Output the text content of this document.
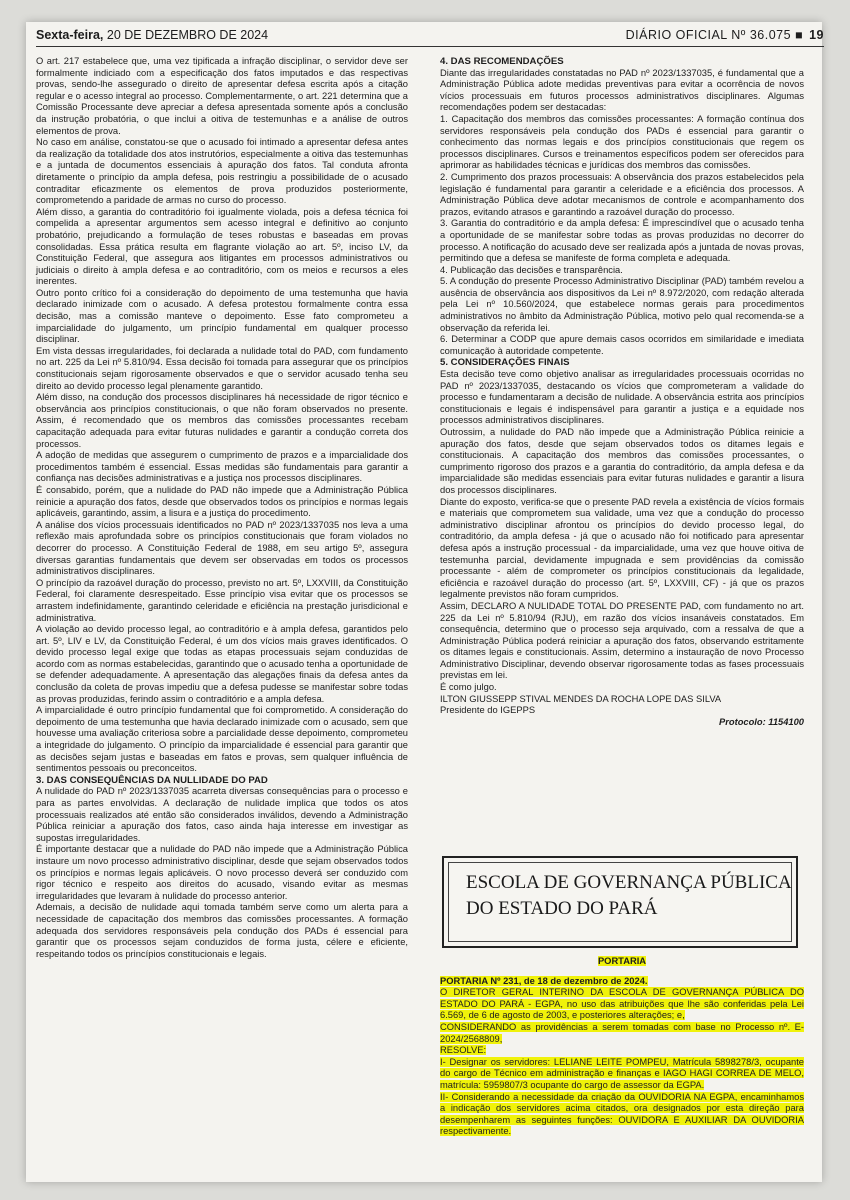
Sexta-feira, 20 DE DEZEMBRO DE 2024	DIÁRIO OFICIAL Nº 36.075 ■ 19

O art. 217 estabelece que, uma vez tipificada a infração disciplinar, o servidor deve ser formalmente indiciado com a especificação dos fatos imputados e das respectivas provas, sendo-lhe assegurado o direito de apresentar defesa escrita após a citação regular e o acesso integral ao processo. Complementarmente, o art. 221 determina que a Comissão Processante deve apreciar a defesa apresentada somente após a conclusão da instrução probatória, o que inclui a oitiva de testemunhas e a análise de outros elementos de prova.

No caso em análise, constatou-se que o acusado foi intimado a apresentar defesa antes da realização da totalidade dos atos instrutórios, especialmente a oitiva das testemunhas e a juntada de documentos essenciais à apuração dos fatos. Tal conduta afronta diretamente o princípio da ampla defesa, pois restringiu a possibilidade de o acusado contraditar eficazmente os elementos de prova produzidos posteriormente, comprometendo a paridade de armas no curso do processo.

Além disso, a garantia do contraditório foi igualmente violada, pois a defesa técnica foi compelida a apresentar argumentos sem acesso integral e definitivo ao conjunto probatório, prejudicando a formulação de teses robustas e baseadas em provas consolidadas. Essa prática resulta em flagrante violação ao art. 5º, inciso LV, da Constituição Federal, que assegura aos litigantes em processos administrativos ou judiciais o direito à ampla defesa e ao contraditório, com os meios e recursos a eles inerentes.

Outro ponto crítico foi a consideração do depoimento de uma testemunha que havia declarado inimizade com o acusado. A defesa protestou formalmente contra essa decisão, mas a comissão manteve o depoimento. Esse fato comprometeu a imparcialidade do julgamento, um princípio fundamental em qualquer processo disciplinar.

Em vista dessas irregularidades, foi declarada a nulidade total do PAD, com fundamento no art. 225 da Lei nº 5.810/94. Essa decisão foi tomada para assegurar que os princípios constitucionais sejam rigorosamente observados e que o servidor acusado tenha seu direito ao devido processo legal plenamente garantido.

Além disso, na condução dos processos disciplinares há necessidade de rigor técnico e observância aos princípios constitucionais, o que não foram observados no presente. Assim, é recomendado que os membros das comissões processantes recebam capacitação adequada para evitar futuras nulidades e garantir a condução correta dos processos.

A adoção de medidas que assegurem o cumprimento de prazos e a imparcialidade dos procedimentos também é essencial. Essas medidas são fundamentais para garantir a confiança nas decisões administrativas e a justiça nos processos disciplinares.

É consabido, porém, que a nulidade do PAD não impede que a Administração Pública reinicie a apuração dos fatos, desde que observados todos os princípios e normas legais aplicáveis, garantindo, assim, a lisura e a justiça do procedimento.

A análise dos vícios processuais identificados no PAD nº 2023/1337035 nos leva a uma reflexão mais aprofundada sobre os princípios constitucionais que foram violados no decorrer do processo. A Constituição Federal de 1988, em seu artigo 5º, assegura diversas garantias fundamentais que devem ser observadas em todos os processos administrativos disciplinares.

O princípio da razoável duração do processo, previsto no art. 5º, LXXVIII, da Constituição Federal, foi claramente desrespeitado. Esse princípio visa evitar que os processos se arrastem indefinidamente, garantindo celeridade e eficiência na prestação jurisdicional e administrativa.

A violação ao devido processo legal, ao contraditório e à ampla defesa, garantidos pelo art. 5º, LIV e LV, da Constituição Federal, é um dos vícios mais graves identificados. O devido processo legal exige que todas as etapas processuais sejam conduzidas de acordo com as normas estabelecidas, garantindo que o acusado tenha a oportunidade de se defender adequadamente. A apresentação das alegações finais da defesa antes da conclusão da coleta de provas impediu que a defesa pudesse se manifestar sobre todas as provas produzidas, ferindo assim o contraditório e a ampla defesa.

A imparcialidade é outro princípio fundamental que foi comprometido. A consideração do depoimento de uma testemunha que havia declarado inimizade com o acusado, sem que houvesse uma avaliação criteriosa sobre a parcialidade desse depoimento, comprometeu a integridade do julgamento. O princípio da imparcialidade é essencial para garantir que as decisões sejam justas e baseadas em fatos e provas, sem qualquer influência de sentimentos pessoais ou preconceitos.

3. DAS CONSEQUÊNCIAS DA NULLIDADE DO PAD

A nulidade do PAD nº 2023/1337035 acarreta diversas consequências para o processo e para as partes envolvidas. A declaração de nulidade implica que todos os atos processuais realizados até então são considerados inválidos, devendo a Administração Pública reiniciar a apuração dos fatos, caso ainda haja interesse em investigar as supostas irregularidades.

É importante destacar que a nulidade do PAD não impede que a Administração Pública instaure um novo processo administrativo disciplinar, desde que sejam observados todos os princípios e normas legais aplicáveis. O novo processo deverá ser conduzido com rigor técnico e respeito aos direitos do acusado, visando evitar as mesmas irregularidades que levaram à nulidade do processo anterior.

Ademais, a decisão de nulidade aqui tomada também serve como um alerta para a necessidade de capacitação dos membros das comissões processantes. A formação adequada dos servidores responsáveis pela condução dos PADs é essencial para garantir que os processos sejam conduzidos de forma justa, célere e eficiente, respeitando todos os princípios constitucionais e legais.

4. DAS RECOMENDAÇÕES

Diante das irregularidades constatadas no PAD nº 2023/1337035, é fundamental que a Administração Pública adote medidas preventivas para evitar a ocorrência de novos vícios processuais em futuros processos administrativos disciplinares. Algumas recomendações podem ser destacadas:

1. Capacitação dos membros das comissões processantes: A formação contínua dos servidores responsáveis pela condução dos PADs é essencial para garantir o conhecimento das normas legais e dos princípios constitucionais que regem os processos disciplinares. Cursos e treinamentos específicos podem ser oferecidos para aprimorar as habilidades técnicas e jurídicas dos membros das comissões.

2. Cumprimento dos prazos processuais: A observância dos prazos estabelecidos pela legislação é fundamental para garantir a celeridade e a eficiência dos processos. A Administração Pública deve adotar mecanismos de controle e acompanhamento dos prazos, evitando atrasos e garantindo a razoável duração do processo.

3. Garantia do contraditório e da ampla defesa: É imprescindível que o acusado tenha a oportunidade de se manifestar sobre todas as provas produzidas no decorrer do processo. A notificação do acusado deve ser realizada após a juntada de novas provas, permitindo que a defesa se manifeste de forma completa e adequada.

4. Publicação das decisões e transparência.

5. A condução do presente Processo Administrativo Disciplinar (PAD) também revelou a ausência de observância aos dispositivos da Lei nº 8.972/2020, com redação alterada pela Lei nº 10.560/2024, que estabelece normas gerais para procedimentos administrativos no âmbito da Administração Pública, motivo pelo qual recomenda-se a observação da referida lei.

6. Determinar a CODP que apure demais casos ocorridos em similaridade e imediata comunicação à autoridade competente.

5. CONSIDERAÇÕES FINAIS

Esta decisão teve como objetivo analisar as irregularidades processuais ocorridas no PAD nº 2023/1337035, destacando os vícios que comprometeram a validade do processo e fundamentaram a decisão de nulidade. A observância estrita aos princípios constitucionais e legais é indispensável para garantir a justiça e a equidade nos processos administrativos disciplinares.

Outrossim, a nulidade do PAD não impede que a Administração Pública reinicie a apuração dos fatos, desde que sejam observados todos os ditames legais e constitucionais. A capacitação dos membros das comissões processantes, o cumprimento rigoroso dos prazos e a garantia do contraditório, da ampla defesa e da imparcialidade são medidas essenciais para evitar futuras nulidades e garantir a lisura dos processos disciplinares.

Diante do exposto, verifica-se que o presente PAD revela a existência de vícios formais e materiais que comprometem sua validade, uma vez que a condução do processo administrativo disciplinar afrontou os princípios do devido processo legal, do contraditório, da ampla defesa - já que o acusado não foi notificado para apresentar defesa após a instrução processual - da imparcialidade, uma vez que houve oitiva de testemunha parcial, devidamente impugnada e sem providências da comissão processante - além de comprometer os princípios constitucionais da legalidade, eficiência e razoável duração do processo (art. 5º, LXXVIII, CF) - já que os prazos legalmente previstos não foram cumpridos.

Assim, DECLARO A NULIDADE TOTAL DO PRESENTE PAD, com fundamento no art. 225 da Lei nº 5.810/94 (RJU), em razão dos vícios insanáveis constatados. Em consequência, determino que o processo seja arquivado, com a ressalva de que a Administração Pública poderá reiniciar a apuração dos fatos, observando estritamente os ditames legais e constitucionais. Assim, determino a instauração de novo Processo Administrativo Disciplinar, devendo observar rigorosamente todas as fases processuais previstas em lei.

É como julgo.

ILTON GIUSSEPP STIVAL MENDES DA ROCHA LOPE DAS SILVA

Presidente do IGEPPS

Protocolo: 1154100

ESCOLA DE GOVERNANÇA PÚBLICA
DO ESTADO DO PARÁ

PORTARIA

PORTARIA Nº 231, de 18 de dezembro de 2024.

O DIRETOR GERAL INTERINO DA ESCOLA DE GOVERNANÇA PÚBLICA DO ESTADO DO PARÁ - EGPA, no uso das atribuições que lhe são conferidas pela Lei 6.569, de 6 de agosto de 2003, e posteriores alterações; e,

CONSIDERANDO as providências a serem tomadas com base no Processo nº. E-2024/2568809,

RESOLVE:

I- Designar os servidores: LELIANE LEITE POMPEU, Matrícula 5898278/3, ocupante do cargo de Técnico em administração e finanças e IAGO HAGI CORREA DE MELO, matrícula: 5959807/3 ocupante do cargo de assessor da EGPA.

II- Considerando a necessidade da criação da OUVIDORIA NA EGPA, encaminhamos a indicação dos servidores acima citados, ora designados por esta direção para desempenharem as seguintes funções: OUVIDORA E AUXILIAR DA OUVIDORIA respectivamente.
